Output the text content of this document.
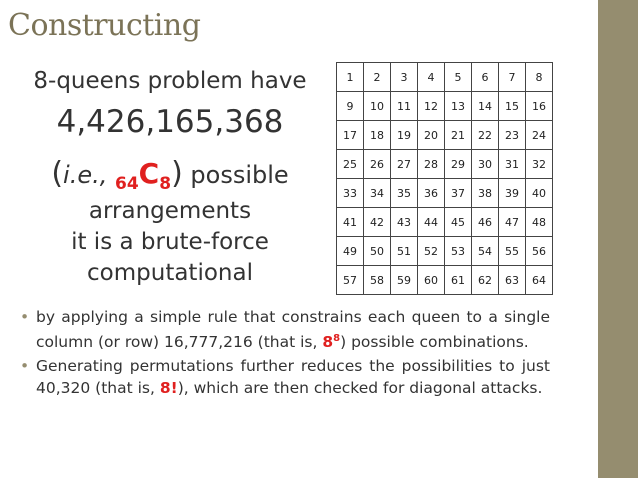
Constructing
8-queens problem have
4,426,165,368
(i.e., $_{64}C_8$) possible
arrangements
it is a brute-force
computational
1	2	3	4	5	6	7	8
9	10	11	12	13	14	15	16
17	18	19	20	21	22	23	24
25	26	27	28	29	30	31	32
33	34	35	36	37	38	39	40
41	42	43	44	45	46	47	48
49	50	51	52	53	54	55	56
57	58	59	60	61	62	63	64
• by applying a simple rule that constrains each queen to a single column (or row) 16,777,216 (that is, $8^8$) possible combinations.
• Generating permutations further reduces the possibilities to just 40,320 (that is, 8!), which are then checked for diagonal attacks.
